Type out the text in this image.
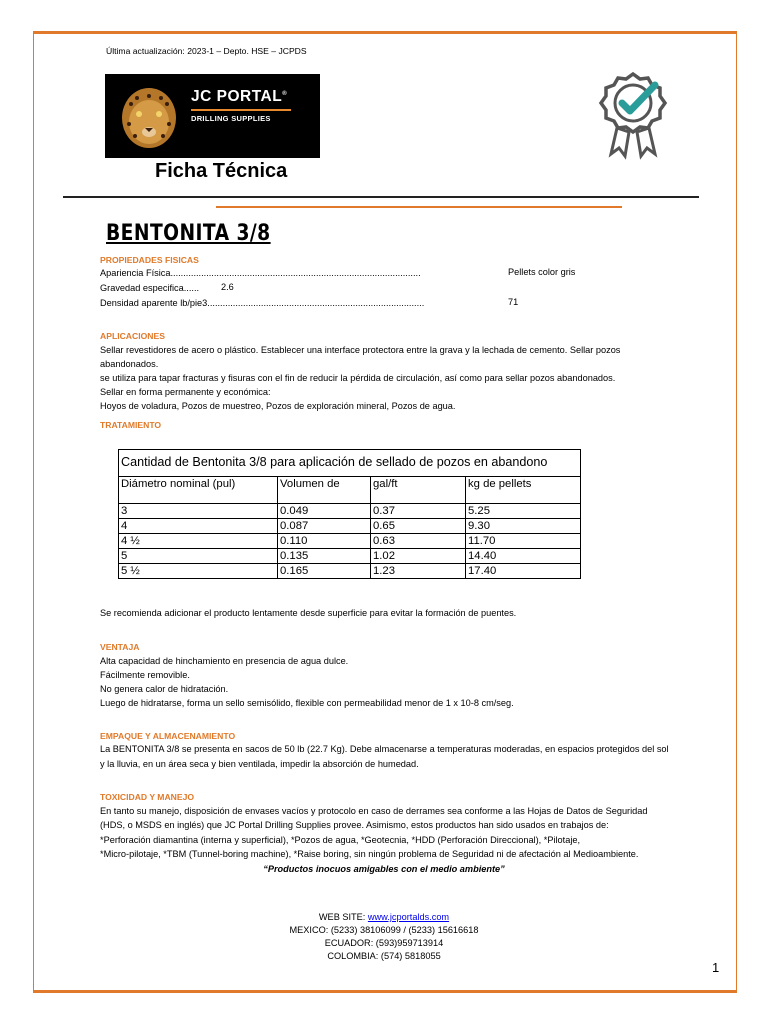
Última actualización: 2023-1 – Depto. HSE – JCPDS
JC PORTAL®
DRILLING SUPPLIES
Ficha Técnica
BENTONITA 3/8
PROPIEDADES FISICAS
Apariencia Física..................................................................................................	Pellets color gris
Gravedad especifica...... 2.6
Densidad aparente lb/pie3.....................................................................................	71
APLICACIONES
Sellar revestidores de acero o plástico. Establecer una interface protectora entre la grava y la lechada de cemento. Sellar pozos
abandonados.
se utiliza para tapar fracturas y fisuras con el fin de reducir la pérdida de circulación, así como para sellar pozos abandonados.
Sellar en forma permanente y económica:
Hoyos de voladura, Pozos de muestreo, Pozos de exploración mineral, Pozos de agua.
TRATAMIENTO
Cantidad de Bentonita 3/8 para aplicación de sellado de pozos en abandono			
Diámetro nominal (pul)	Volumen de	gal/ft	kg de pellets
3	0.049	0.37	5.25
4	0.087	0.65	9.30
4 ½	0.110	0.63	11.70
5	0.135	1.02	14.40
5 ½	0.165	1.23	17.40
Se recomienda adicionar el producto lentamente desde superficie para evitar la formación de puentes.
VENTAJA
Alta capacidad de hinchamiento en presencia de agua dulce.
Fácilmente removible.
No genera calor de hidratación.
Luego de hidratarse, forma un sello semisólido, flexible con permeabilidad menor de 1 x 10-8 cm/seg.
EMPAQUE Y ALMACENAMIENTO
La BENTONITA 3/8 se presenta en sacos de 50 lb (22.7 Kg). Debe almacenarse a temperaturas moderadas, en espacios protegidos del sol
y la lluvia, en un área seca y bien ventilada, impedir la absorción de humedad.
TOXICIDAD Y MANEJO
En tanto su manejo, disposición de envases vacíos y protocolo en caso de derrames sea conforme a las Hojas de Datos de Seguridad
(HDS, o MSDS en inglés) que JC Portal Drilling Supplies provee. Asimismo, estos productos han sido usados en trabajos de:
*Perforación diamantina (interna y superficial), *Pozos de agua, *Geotecnia, *HDD (Perforación Direccional), *Pilotaje,
*Micro-pilotaje, *TBM (Tunnel-boring machine), *Raise boring, sin ningún problema de Seguridad ni de afectación al Medioambiente.
“Productos inocuos amigables con el medio ambiente”
WEB SITE: www.jcportalds.com
MEXICO: (5233) 38106099 / (5233) 15616618
ECUADOR: (593)959713914
COLOMBIA: (574) 5818055
1
